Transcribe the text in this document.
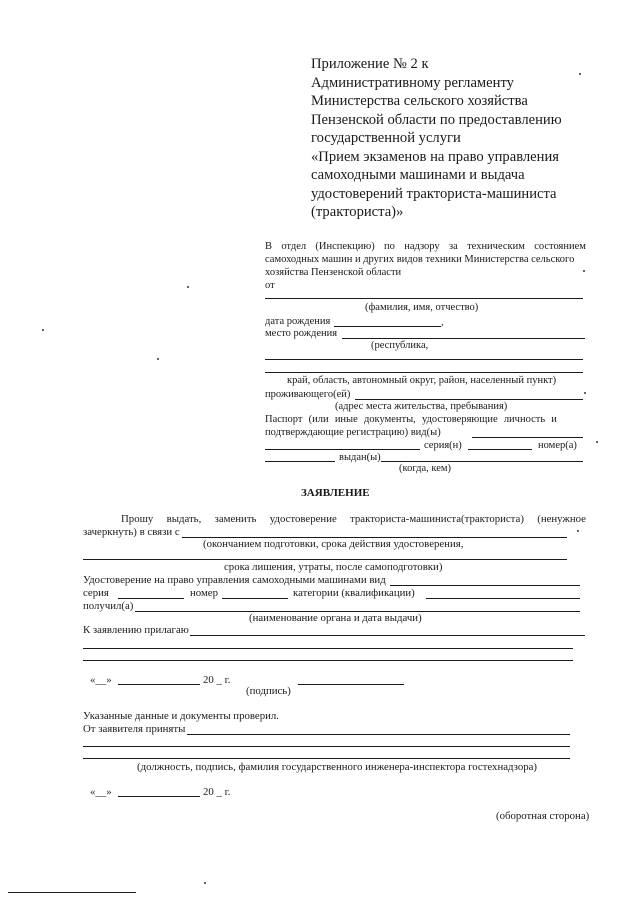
Приложение № 2 к
Административному регламенту
Министерства сельского хозяйства
Пензенской области по предоставлению
государственной услуги
«Прием экзаменов на право управления
самоходными машинами и выдача
удостоверений тракториста-машиниста
(тракториста)»
В отдел (Инспекцию) по надзору за техническим состоянием
самоходных машин и других видов техники Министерства сельского
хозяйства Пензенской области
от
(фамилия, имя, отчество)
дата рождения	,
место рождения
(республика,
край, область, автономный округ, район, населенный пункт)
проживающего(ей)
(адрес места жительства, пребывания)
Паспорт (или иные документы, удостоверяющие личность и
подтверждающие регистрацию) вид(ы)
серия(н)	номер(а)
выдан(ы)
(когда, кем)
ЗАЯВЛЕНИЕ
Прошу выдать, заменить удостоверение тракториста-машиниста(тракториста) (ненужное
зачеркнуть) в связи с
(окончанием подготовки, срока действия удостоверения,
срока лишения, утраты, после самоподготовки)
Удостоверение на право управления самоходными машинами вид
серия	номер	категории (квалификации)
получил(а)
(наименование органа и дата выдачи)
К заявлению прилагаю
«__»	20 _ г.
(подпись)
Указанные данные и документы проверил.
От заявителя приняты
(должность, подпись, фамилия государственного инженера-инспектора гостехнадзора)
«__»	20 _ г.
(оборотная сторона)
